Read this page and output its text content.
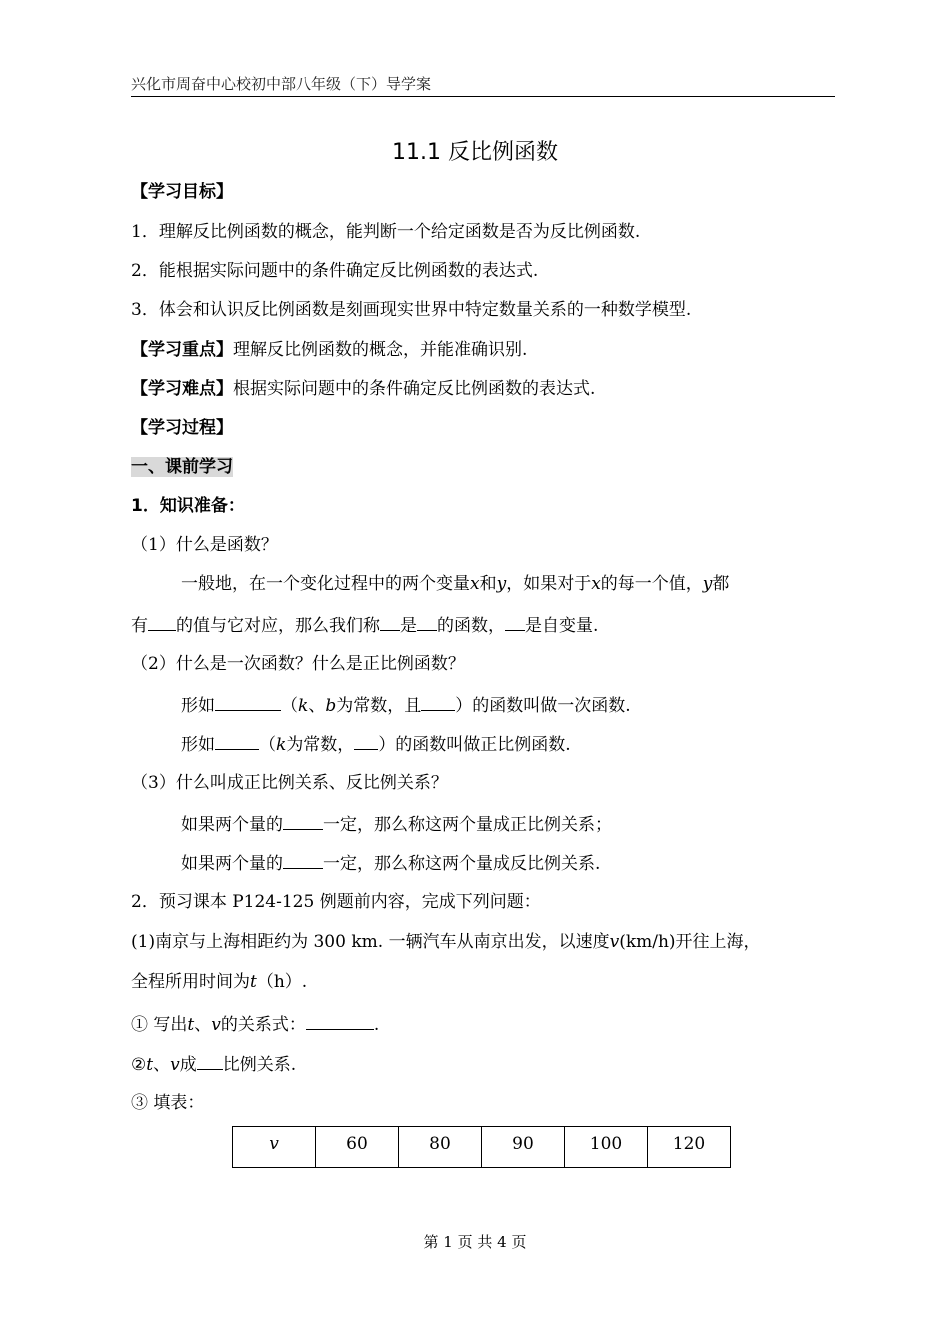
兴化市周奋中心校初中部八年级（下）导学案
11.1 反比例函数
【学习目标】
1．理解反比例函数的概念，能判断一个给定函数是否为反比例函数.
2．能根据实际问题中的条件确定反比例函数的表达式.
3．体会和认识反比例函数是刻画现实世界中特定数量关系的一种数学模型.
【学习重点】理解反比例函数的概念，并能准确识别.
【学习难点】根据实际问题中的条件确定反比例函数的表达式.
【学习过程】
一、课前学习
1．知识准备：
（1）什么是函数？
一般地，在一个变化过程中的两个变量x和y，如果对于x的每一个值，y都
有 的值与它对应，那么我们称 是 的函数， 是自变量.
（2）什么是一次函数？什么是正比例函数？
形如	（k、b为常数，且 ）的函数叫做一次函数.
形如	（k为常数， ）的函数叫做正比例函数.
（3）什么叫成正比例关系、反比例关系？
如果两个量的 一定，那么称这两个量成正比例关系；
如果两个量的 一定，那么称这两个量成反比例关系.
2．预习课本 P124-125 例题前内容，完成下列问题：
(1)南京与上海相距约为 300 km. 一辆汽车从南京出发，以速度v(km/h)开往上海，
全程所用时间为t（h）.
① 写出t、v的关系式：	.
②t、v成 比例关系.
③ 填表：
v	60	80	90	100	120
第 1 页 共 4 页
